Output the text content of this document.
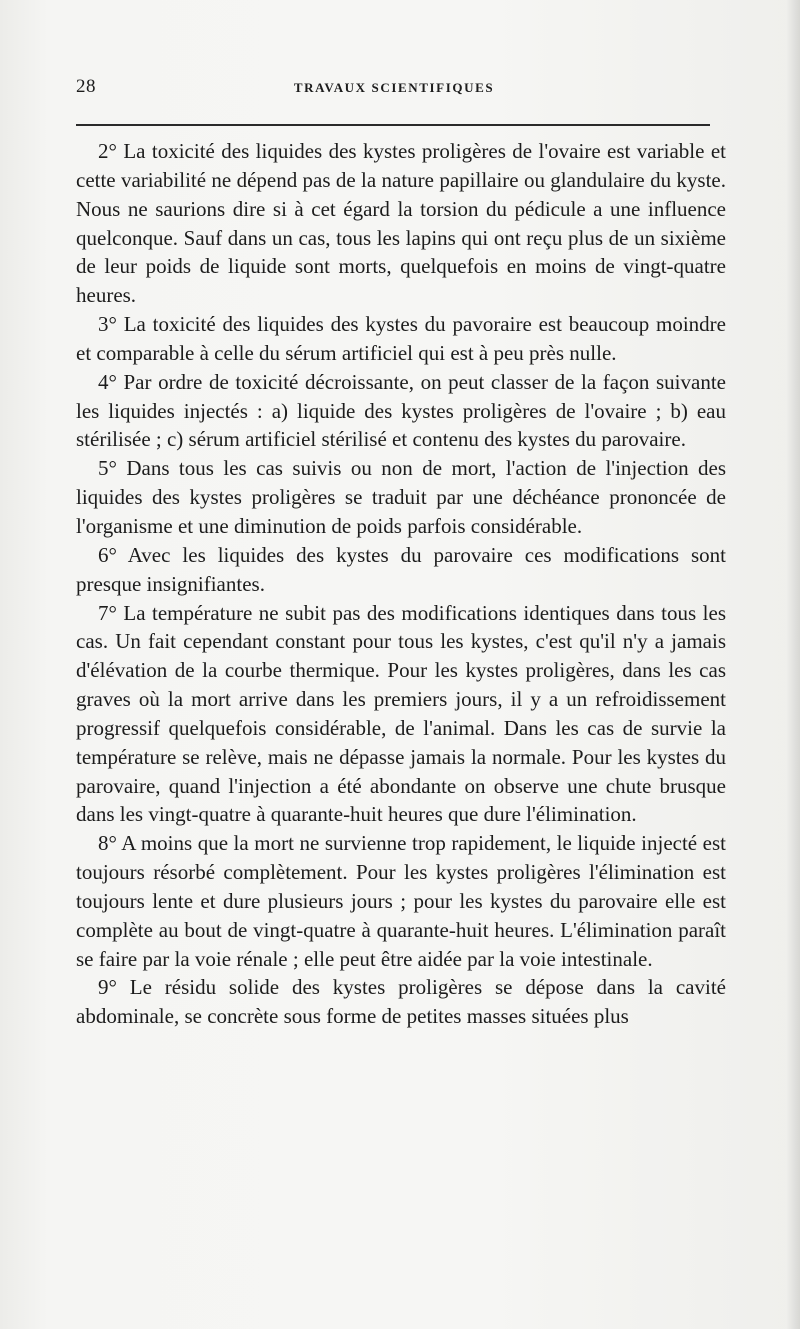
28	TRAVAUX SCIENTIFIQUES

2° La toxicité des liquides des kystes proligères de l'ovaire est variable et cette variabilité ne dépend pas de la nature papillaire ou glandulaire du kyste. Nous ne saurions dire si à cet égard la torsion du pédicule a une influence quelconque. Sauf dans un cas, tous les lapins qui ont reçu plus de un sixième de leur poids de liquide sont morts, quelquefois en moins de vingt-quatre heures.

3° La toxicité des liquides des kystes du pavoraire est beaucoup moindre et comparable à celle du sérum artificiel qui est à peu près nulle.

4° Par ordre de toxicité décroissante, on peut classer de la façon suivante les liquides injectés : a) liquide des kystes proligères de l'ovaire ; b) eau stérilisée ; c) sérum artificiel stérilisé et contenu des kystes du parovaire.

5° Dans tous les cas suivis ou non de mort, l'action de l'injection des liquides des kystes proligères se traduit par une déchéance prononcée de l'organisme et une diminution de poids parfois considérable.

6° Avec les liquides des kystes du parovaire ces modifications sont presque insignifiantes.

7° La température ne subit pas des modifications identiques dans tous les cas. Un fait cependant constant pour tous les kystes, c'est qu'il n'y a jamais d'élévation de la courbe thermique. Pour les kystes proligères, dans les cas graves où la mort arrive dans les premiers jours, il y a un refroidissement progressif quelquefois considérable, de l'animal. Dans les cas de survie la température se relève, mais ne dépasse jamais la normale. Pour les kystes du parovaire, quand l'injection a été abondante on observe une chute brusque dans les vingt-quatre à quarante-huit heures que dure l'élimination.

8° A moins que la mort ne survienne trop rapidement, le liquide injecté est toujours résorbé complètement. Pour les kystes proligères l'élimination est toujours lente et dure plusieurs jours ; pour les kystes du parovaire elle est complète au bout de vingt-quatre à quarante-huit heures. L'élimination paraît se faire par la voie rénale ; elle peut être aidée par la voie intestinale.

9° Le résidu solide des kystes proligères se dépose dans la cavité abdominale, se concrète sous forme de petites masses situées plus
